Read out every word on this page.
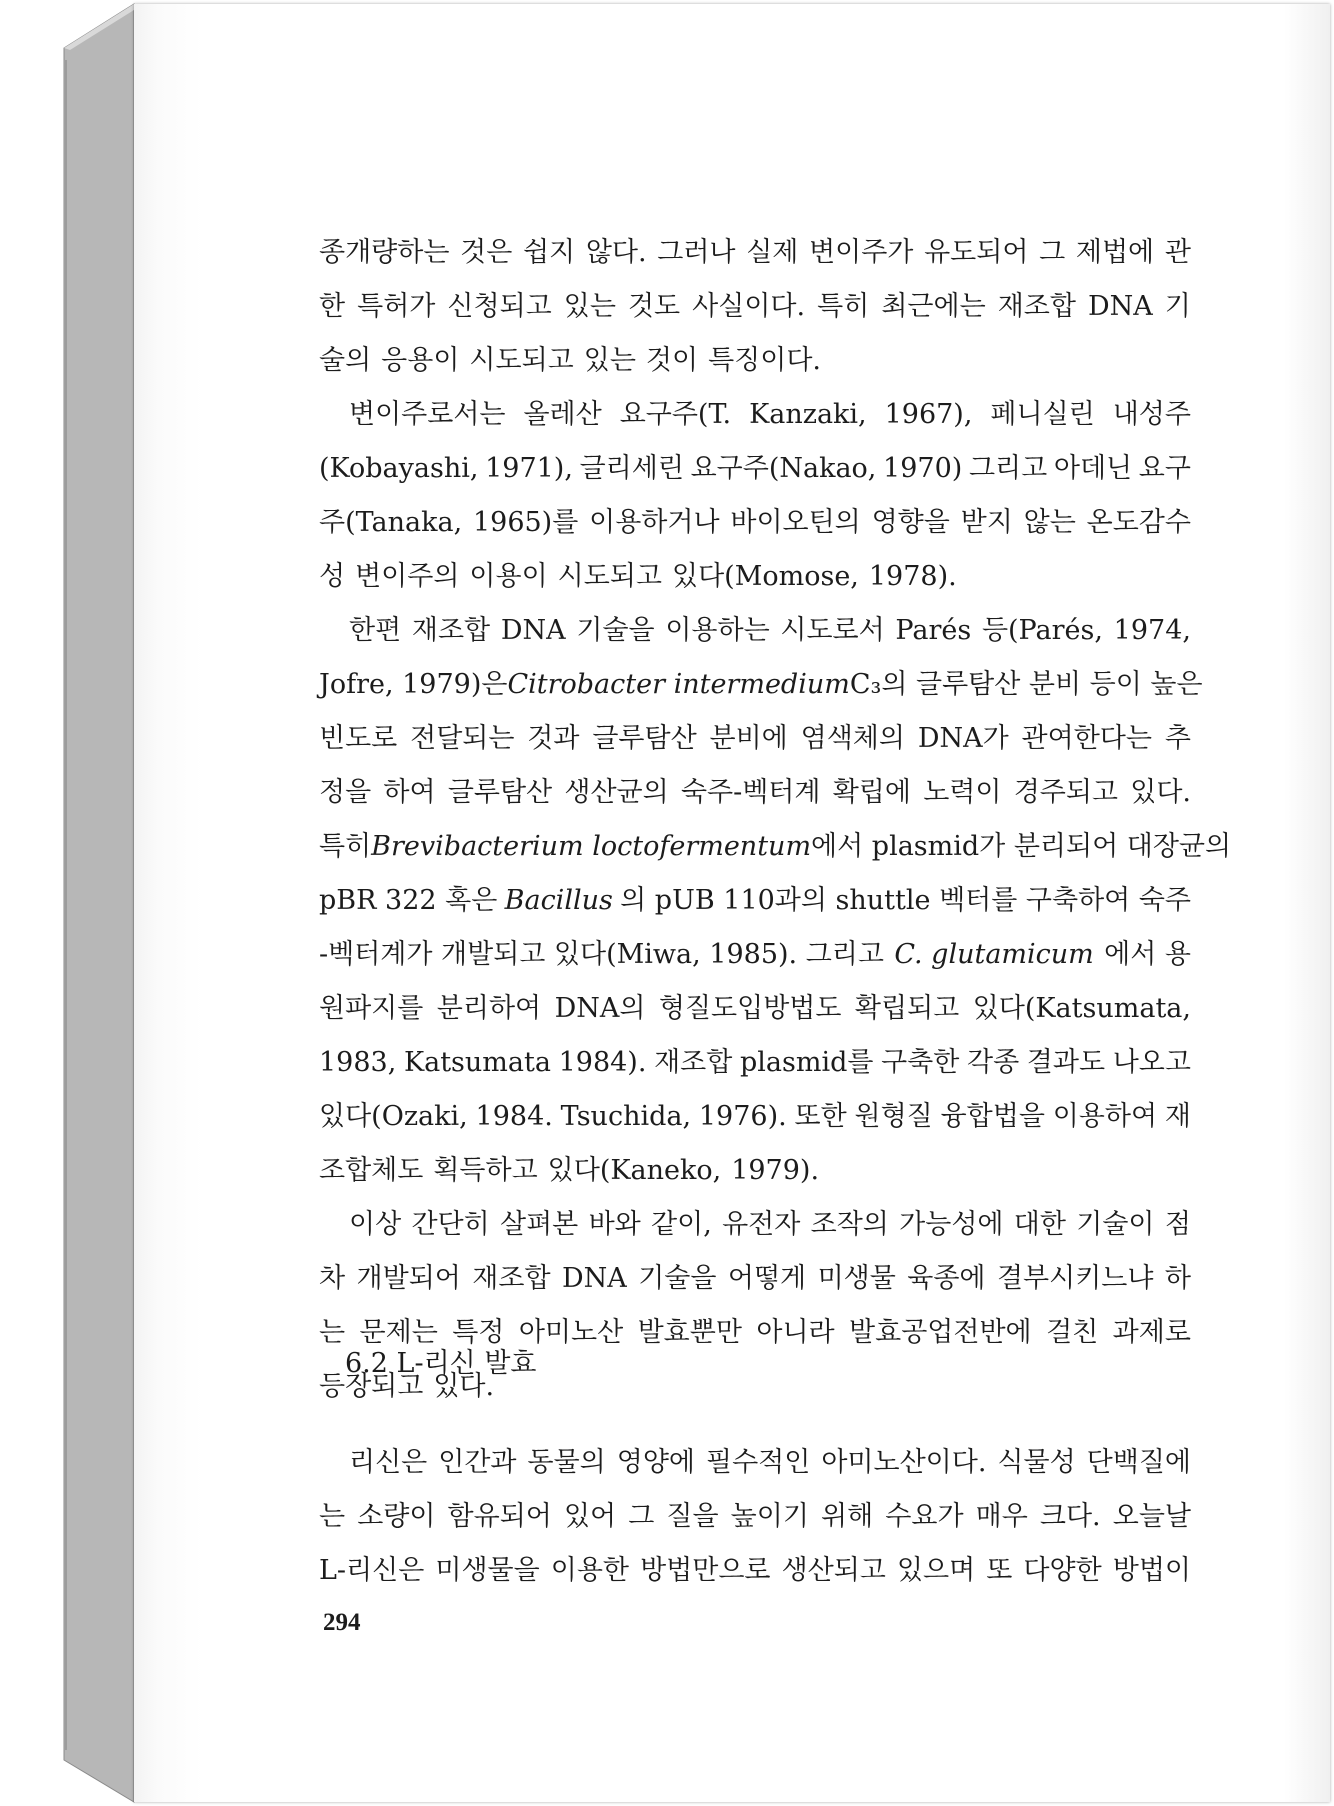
종개량하는 것은 쉽지 않다. 그러나 실제 변이주가 유도되어 그 제법에 관
한 특허가 신청되고 있는 것도 사실이다. 특히 최근에는 재조합 DNA 기
술의 응용이 시도되고 있는 것이 특징이다.
변이주로서는 올레산 요구주(T. Kanzaki, 1967), 페니실린 내성주
(Kobayashi, 1971), 글리세린 요구주(Nakao, 1970) 그리고 아데닌 요구
주(Tanaka, 1965)를 이용하거나 바이오틴의 영향을 받지 않는 온도감수
성 변이주의 이용이 시도되고 있다(Momose, 1978).
한편 재조합 DNA 기술을 이용하는 시도로서 Parés 등(Parés, 1974,
Jofre, 1979)은 Citrobacter intermedium C₃의 글루탐산 분비 등이 높은
빈도로 전달되는 것과 글루탐산 분비에 염색체의 DNA가 관여한다는 추
정을 하여 글루탐산 생산균의 숙주-벡터계 확립에 노력이 경주되고 있다.
특히 Brevibacterium loctofermentum 에서 plasmid가 분리되어 대장균의
pBR 322 혹은 Bacillus 의 pUB 110과의 shuttle 벡터를 구축하여 숙주
-벡터계가 개발되고 있다(Miwa, 1985). 그리고 C. glutamicum 에서 용
원파지를 분리하여 DNA의 형질도입방법도 확립되고 있다(Katsumata,
1983, Katsumata 1984). 재조합 plasmid를 구축한 각종 결과도 나오고
있다(Ozaki, 1984. Tsuchida, 1976). 또한 원형질 융합법을 이용하여 재
조합체도 획득하고 있다(Kaneko, 1979).
이상 간단히 살펴본 바와 같이, 유전자 조작의 가능성에 대한 기술이 점
차 개발되어 재조합 DNA 기술을 어떻게 미생물 육종에 결부시키느냐 하
는 문제는 특정 아미노산 발효뿐만 아니라 발효공업전반에 걸친 과제로
등장되고 있다.
6.2 L-리신 발효
리신은 인간과 동물의 영양에 필수적인 아미노산이다. 식물성 단백질에
는 소량이 함유되어 있어 그 질을 높이기 위해 수요가 매우 크다. 오늘날
L-리신은 미생물을 이용한 방법만으로 생산되고 있으며 또 다양한 방법이
294
